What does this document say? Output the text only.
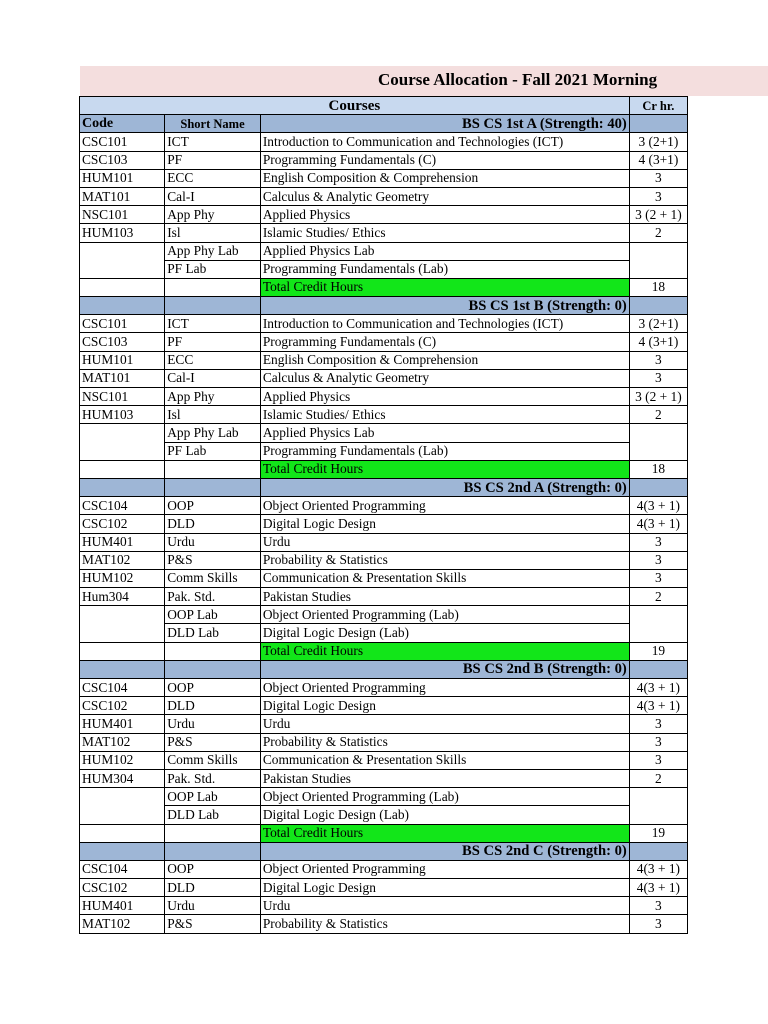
Course Allocation - Fall 2021 Morning
Courses			Cr hr.
Code	Short Name	BS CS 1st A (Strength: 40)	
CSC101	ICT	Introduction to Communication and Technologies (ICT)	3 (2+1)
CSC103	PF	Programming Fundamentals (C)	4 (3+1)
HUM101	ECC	English Composition & Comprehension	3
MAT101	Cal-I	Calculus & Analytic Geometry	3
NSC101	App Phy	Applied Physics	3 (2 + 1)
HUM103	Isl	Islamic Studies/ Ethics	2
	App Phy Lab	Applied Physics Lab	
	PF Lab	Programming Fundamentals (Lab)	
		Total Credit Hours	18
		BS CS 1st B (Strength: 0)	
CSC101	ICT	Introduction to Communication and Technologies (ICT)	3 (2+1)
CSC103	PF	Programming Fundamentals (C)	4 (3+1)
HUM101	ECC	English Composition & Comprehension	3
MAT101	Cal-I	Calculus & Analytic Geometry	3
NSC101	App Phy	Applied Physics	3 (2 + 1)
HUM103	Isl	Islamic Studies/ Ethics	2
	App Phy Lab	Applied Physics Lab	
	PF Lab	Programming Fundamentals (Lab)	
		Total Credit Hours	18
		BS CS 2nd A (Strength: 0)	
CSC104	OOP	Object Oriented Programming	4(3 + 1)
CSC102	DLD	Digital Logic Design	4(3 + 1)
HUM401	Urdu	Urdu	3
MAT102	P&S	Probability & Statistics	3
HUM102	Comm Skills	Communication & Presentation Skills	3
Hum304	Pak. Std.	Pakistan Studies	2
	OOP Lab	Object Oriented Programming (Lab)	
	DLD Lab	Digital Logic Design (Lab)	
		Total Credit Hours	19
		BS CS 2nd B (Strength: 0)	
CSC104	OOP	Object Oriented Programming	4(3 + 1)
CSC102	DLD	Digital Logic Design	4(3 + 1)
HUM401	Urdu	Urdu	3
MAT102	P&S	Probability & Statistics	3
HUM102	Comm Skills	Communication & Presentation Skills	3
HUM304	Pak. Std.	Pakistan Studies	2
	OOP Lab	Object Oriented Programming (Lab)	
	DLD Lab	Digital Logic Design (Lab)	
		Total Credit Hours	19
		BS CS 2nd C (Strength: 0)	
CSC104	OOP	Object Oriented Programming	4(3 + 1)
CSC102	DLD	Digital Logic Design	4(3 + 1)
HUM401	Urdu	Urdu	3
MAT102	P&S	Probability & Statistics	3
